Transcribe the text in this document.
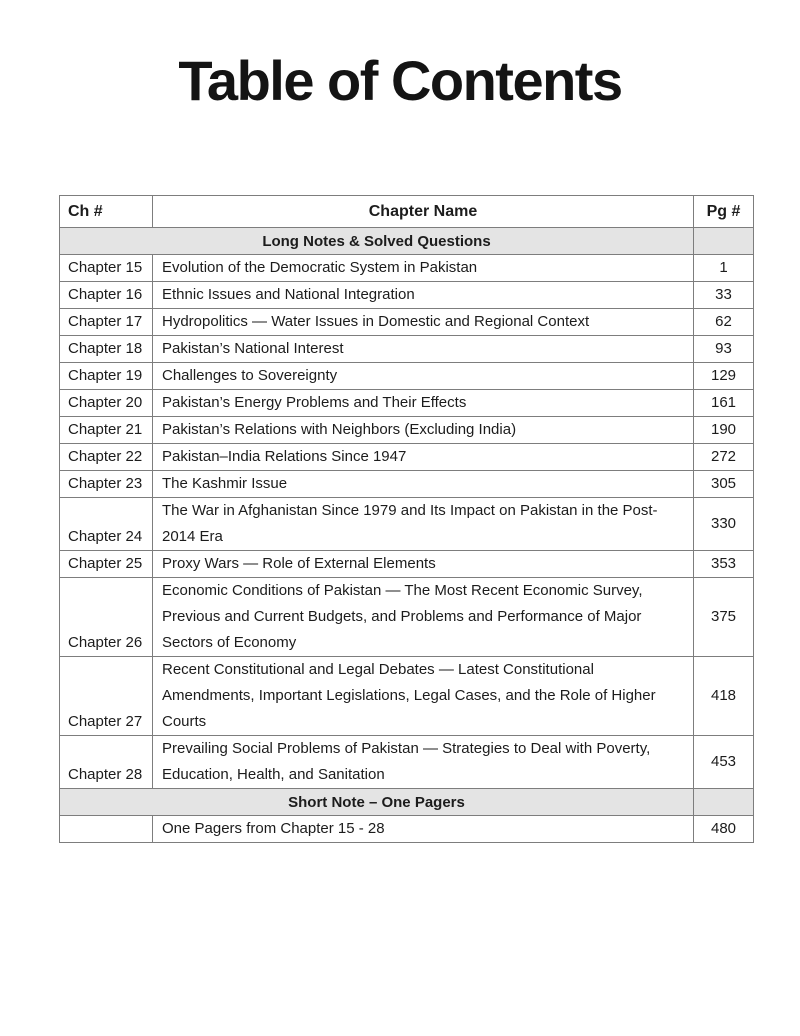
Table of Contents
Ch #	Chapter Name	Pg #
Long Notes & Solved Questions		
Chapter 15	Evolution of the Democratic System in Pakistan	1
Chapter 16	Ethnic Issues and National Integration	33
Chapter 17	Hydropolitics — Water Issues in Domestic and Regional Context	62
Chapter 18	Pakistan’s National Interest	93
Chapter 19	Challenges to Sovereignty	129
Chapter 20	Pakistan’s Energy Problems and Their Effects	161
Chapter 21	Pakistan’s Relations with Neighbors (Excluding India)	190
Chapter 22	Pakistan–India Relations Since 1947	272
Chapter 23	The Kashmir Issue	305
Chapter 24	The War in Afghanistan Since 1979 and Its Impact on Pakistan in the Post-2014 Era	330
Chapter 25	Proxy Wars — Role of External Elements	353
Chapter 26	Economic Conditions of Pakistan — The Most Recent Economic Survey, Previous and Current Budgets, and Problems and Performance of Major Sectors of Economy	375
Chapter 27	Recent Constitutional and Legal Debates — Latest Constitutional Amendments, Important Legislations, Legal Cases, and the Role of Higher Courts	418
Chapter 28	Prevailing Social Problems of Pakistan — Strategies to Deal with Poverty, Education, Health, and Sanitation	453
Short Note – One Pagers		
	One Pagers from Chapter 15 - 28	480
